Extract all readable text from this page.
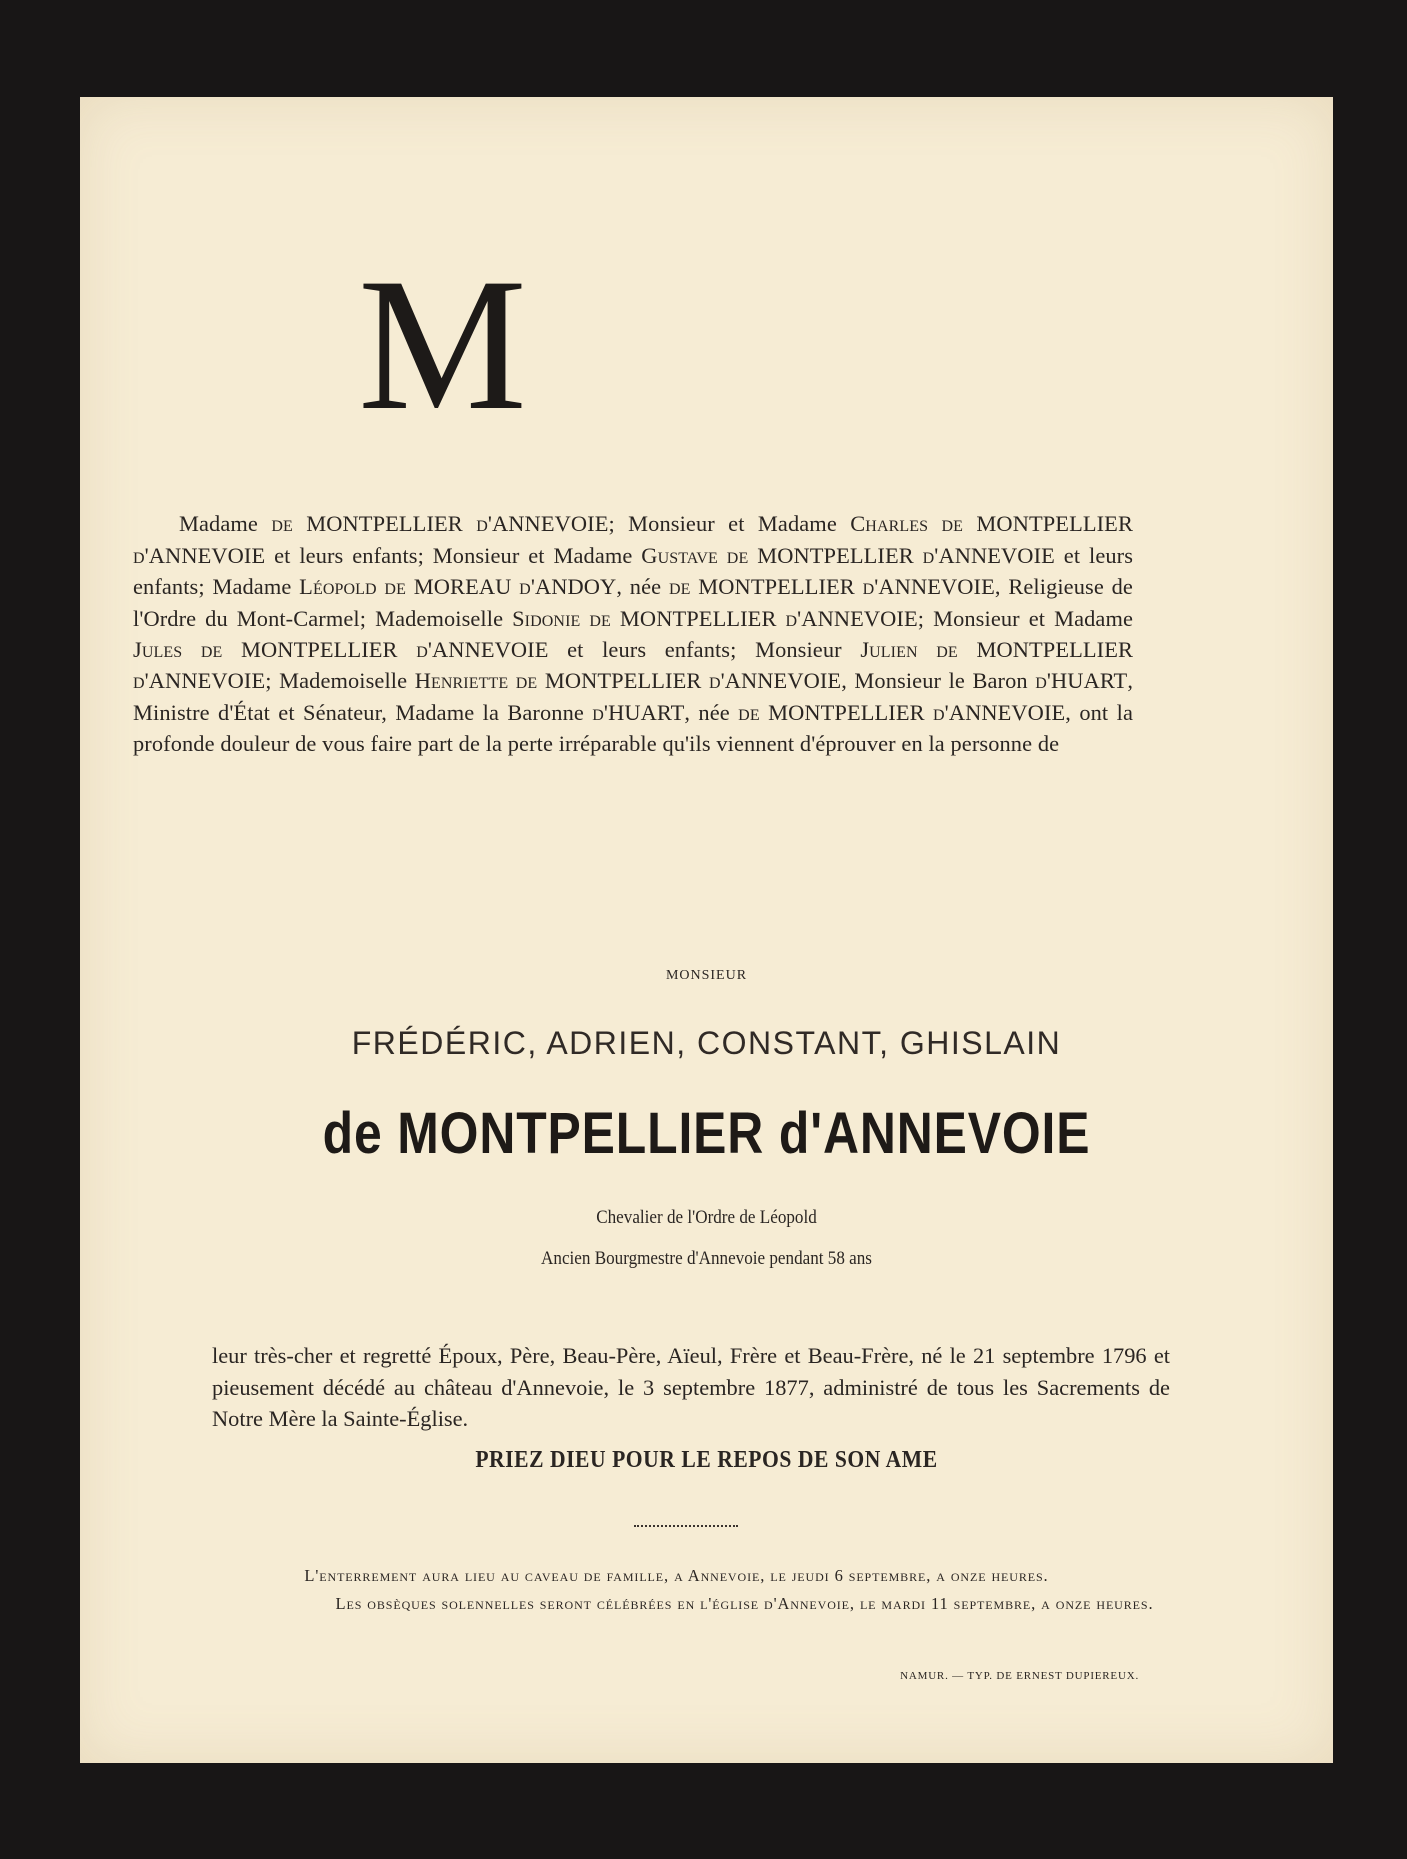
M

Madame de MONTPELLIER d'ANNEVOIE; Monsieur et Madame Charles de MONTPELLIER d'ANNEVOIE et leurs enfants; Monsieur et Madame Gustave de MONTPELLIER d'ANNEVOIE et leurs enfants; Madame Léopold de MOREAU d'ANDOY, née de MONTPELLIER d'ANNEVOIE, Religieuse de l'Ordre du Mont-Carmel; Mademoiselle Sidonie de MONTPELLIER d'ANNEVOIE; Monsieur et Madame Jules de MONTPELLIER d'ANNEVOIE et leurs enfants; Monsieur Julien de MONTPELLIER d'ANNEVOIE; Mademoiselle Henriette de MONTPELLIER d'ANNEVOIE, Monsieur le Baron d'HUART, Ministre d'État et Sénateur, Madame la Baronne d'HUART, née de MONTPELLIER d'ANNEVOIE, ont la profonde douleur de vous faire part de la perte irréparable qu'ils viennent d'éprouver en la personne de

MONSIEUR
FRÉDÉRIC, ADRIEN, CONSTANT, GHISLAIN
de MONTPELLIER d'ANNEVOIE
Chevalier de l'Ordre de Léopold
Ancien Bourgmestre d'Annevoie pendant 58 ans

leur très-cher et regretté Époux, Père, Beau-Père, Aïeul, Frère et Beau-Frère, né le 21 septembre 1796 et pieusement décédé au château d'Annevoie, le 3 septembre 1877, administré de tous les Sacrements de Notre Mère la Sainte-Église.

PRIEZ DIEU POUR LE REPOS DE SON AME
L'enterrement aura lieu au caveau de famille, a Annevoie, le jeudi 6 septembre, a onze heures.
Les obsèques solennelles seront célébrées en l'église d'Annevoie, le mardi 11 septembre, a onze heures.
NAMUR. — TYP. DE ERNEST DUPIEREUX.
